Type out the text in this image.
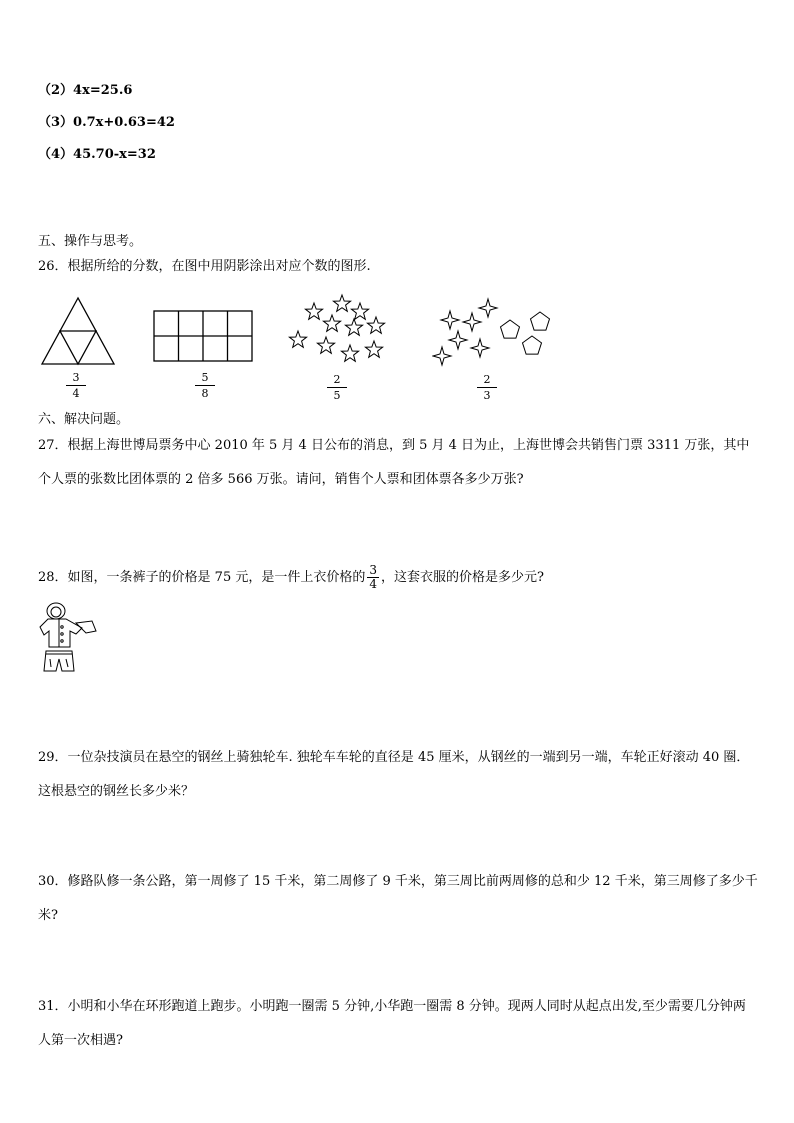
（2）4x=25.6
（3）0.7x+0.63=42
（4）45.70-x=32
五、操作与思考。
26．根据所给的分数，在图中用阴影涂出对应个数的图形.
$\frac{3}{4}$	$\frac{5}{8}$	$\frac{2}{5}$	$\frac{2}{3}$
六、解决问题。
27．根据上海世博局票务中心 2010 年 5 月 4 日公布的消息，到 5 月 4 日为止，上海世博会共销售门票 3311 万张，其中个人票的张数比团体票的 2 倍多 566 万张。请问，销售个人票和团体票各多少万张?
28．如图，一条裤子的价格是 75 元，是一件上衣价格的 $\frac{3}{4}$ ，这套衣服的价格是多少元?
29．一位杂技演员在悬空的钢丝上骑独轮车. 独轮车车轮的直径是 45 厘米，从钢丝的一端到另一端，车轮正好滚动 40 圈．这根悬空的钢丝长多少米？
30．修路队修一条公路，第一周修了 15 千米，第二周修了 9 千米，第三周比前两周修的总和少 12 千米，第三周修了多少千米?
31．小明和小华在环形跑道上跑步。小明跑一圈需 5 分钟,小华跑一圈需 8 分钟。现两人同时从起点出发,至少需要几分钟两人第一次相遇?
